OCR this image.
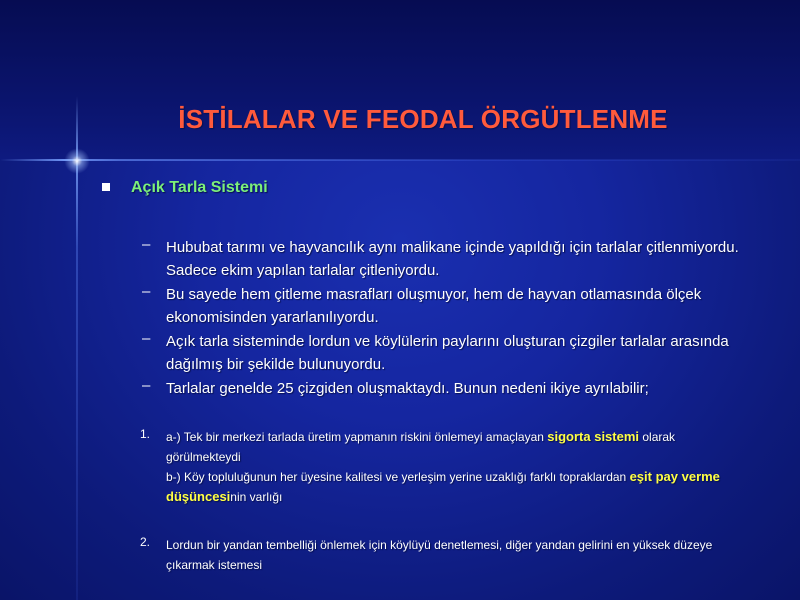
İSTİLALAR VE FEODAL ÖRGÜTLENME
Açık Tarla Sistemi
– Hububat tarımı ve hayvancılık aynı malikane içinde yapıldığı için tarlalar çitlenmiyordu. Sadece ekim yapılan tarlalar çitleniyordu.
– Bu sayede hem çitleme masrafları oluşmuyor, hem de hayvan otlamasında ölçek ekonomisinden yararlanılıyordu.
– Açık tarla sisteminde lordun ve köylülerin paylarını oluşturan çizgiler tarlalar arasında dağılmış bir şekilde bulunuyordu.
– Tarlalar genelde 25 çizgiden oluşmaktaydı. Bunun nedeni ikiye ayrılabilir;
1. a-) Tek bir merkezi tarlada üretim yapmanın riskini önlemeyi amaçlayan sigorta sistemi olarak görülmekteydi
b-) Köy topluluğunun her üyesine kalitesi ve yerleşim yerine uzaklığı farklı topraklardan eşit pay verme düşüncesinin varlığı
2. Lordun bir yandan tembelliği önlemek için köylüyü denetlemesi, diğer yandan gelirini en yüksek düzeye çıkarmak istemesi
